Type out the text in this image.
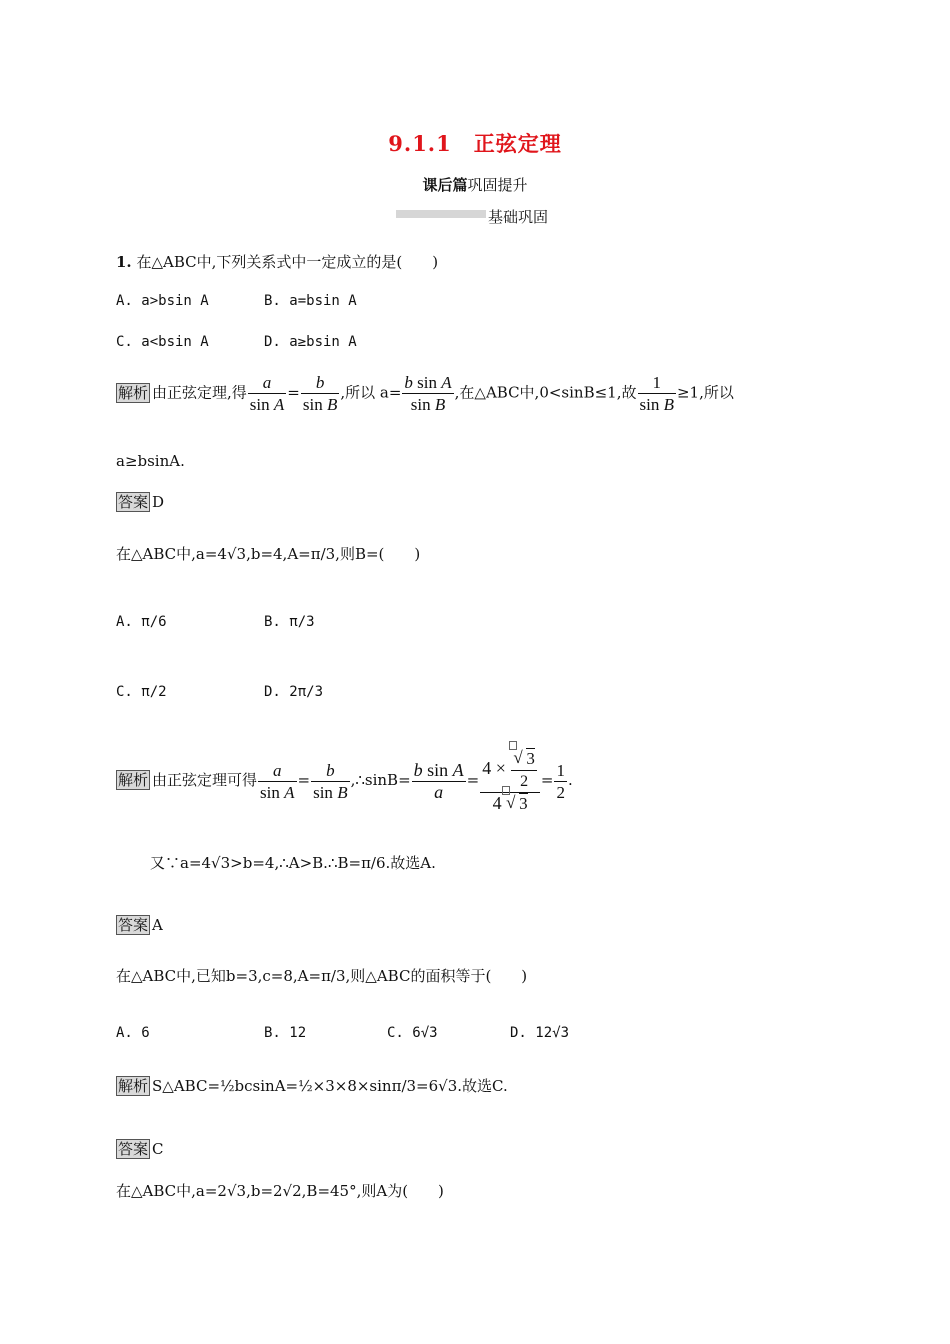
9.1.1 正弦定理
课后篇巩固提升
基础巩固
1. 在△ABC中,下列关系式中一定成立的是(　　)
A. a>bsin A	B. a=bsin A
C. a<bsin A	D. a≥bsin A
解析 由正弦定理,得 $\frac{a}{\text{sin A}} = \frac{b}{\text{sin B}}$ ,所以 $a= \frac{\text{b sin A}}{\text{sin B}}$ ,在△ABC中,0<sinB≤1,故 $\frac{1}{\text{sin B}} \ge 1$,所以
a≥bsinA.
答案 D
在△ABC中,a=4√3,b=4,A=π/3,则B=(　　)
A. π/6	B. π/3
C. π/2	D. 2π/3
解析 由正弦定理可得 $\frac{a}{\text{sin A}} = \frac{b}{\text{sin B}}$ ,∴sinB= $\frac{\text{b sin A}}{a} = 4$ ×
√ $\frac{3}{2}$
4
√ $3 = \frac{1}{2}$ .
又∵a=4√3>b=4,∴A>B.∴B=π/6.故选A.
答案 A
在△ABC中,已知b=3,c=8,A=π/3,则△ABC的面积等于(　　)
A. 6	B. 12	C. 6√3	D. 12√3
解析 S△ABC=½bcsinA=½×3×8×sinπ/3=6√3.故选C.
答案 C
在△ABC中,a=2√3,b=2√2,B=45°,则A为(　　)
